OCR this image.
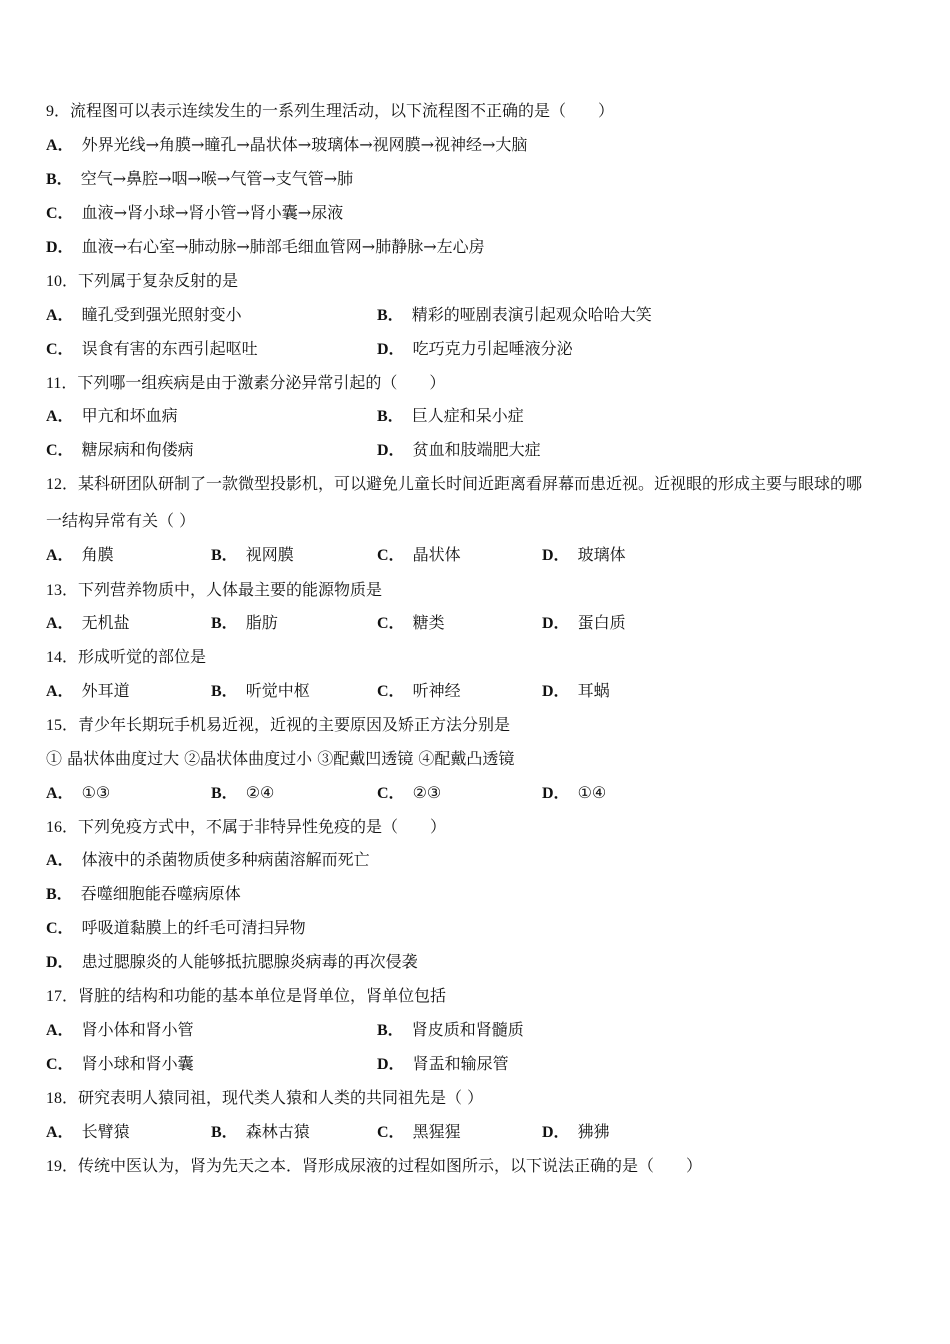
9．流程图可以表示连续发生的一系列生理活动，以下流程图不正确的是（　　）
A． 外界光线→角膜→瞳孔→晶状体→玻璃体→视网膜→视神经→大脑
B． 空气→鼻腔→咽→喉→气管→支气管→肺
C． 血液→肾小球→肾小管→肾小囊→尿液
D． 血液→右心室→肺动脉→肺部毛细血管网→肺静脉→左心房
10．下列属于复杂反射的是
A． 瞳孔受到强光照射变小	B． 精彩的哑剧表演引起观众哈哈大笑
C． 误食有害的东西引起呕吐	D． 吃巧克力引起唾液分泌
11．下列哪一组疾病是由于激素分泌异常引起的（　　）
A． 甲亢和坏血病	B． 巨人症和呆小症
C． 糖尿病和佝偻病	D． 贫血和肢端肥大症
12．某科研团队研制了一款微型投影机，可以避免儿童长时间近距离看屏幕而患近视。近视眼的形成主要与眼球的哪
一结构异常有关（ ）
A． 角膜	B． 视网膜	C． 晶状体	D． 玻璃体
13．下列营养物质中，人体最主要的能源物质是
A． 无机盐	B． 脂肪	C． 糖类	D． 蛋白质
14．形成听觉的部位是
A． 外耳道	B． 听觉中枢	C． 听神经	D． 耳蜗
15．青少年长期玩手机易近视，近视的主要原因及矫正方法分别是
① 晶状体曲度过大 ②晶状体曲度过小 ③配戴凹透镜 ④配戴凸透镜
A． ①③	B． ②④	C． ②③	D． ①④
16．下列免疫方式中，不属于非特异性免疫的是（　　）
A． 体液中的杀菌物质使多种病菌溶解而死亡
B． 吞噬细胞能吞噬病原体
C． 呼吸道黏膜上的纤毛可清扫异物
D． 患过腮腺炎的人能够抵抗腮腺炎病毒的再次侵袭
17．肾脏的结构和功能的基本单位是肾单位，肾单位包括
A． 肾小体和肾小管	B． 肾皮质和肾髓质
C． 肾小球和肾小囊	D． 肾盂和输尿管
18．研究表明人猿同祖，现代类人猿和人类的共同祖先是（ ）
A． 长臂猿	B． 森林古猿	C． 黑猩猩	D． 狒狒
19．传统中医认为，肾为先天之本．肾形成尿液的过程如图所示，以下说法正确的是（　　）
